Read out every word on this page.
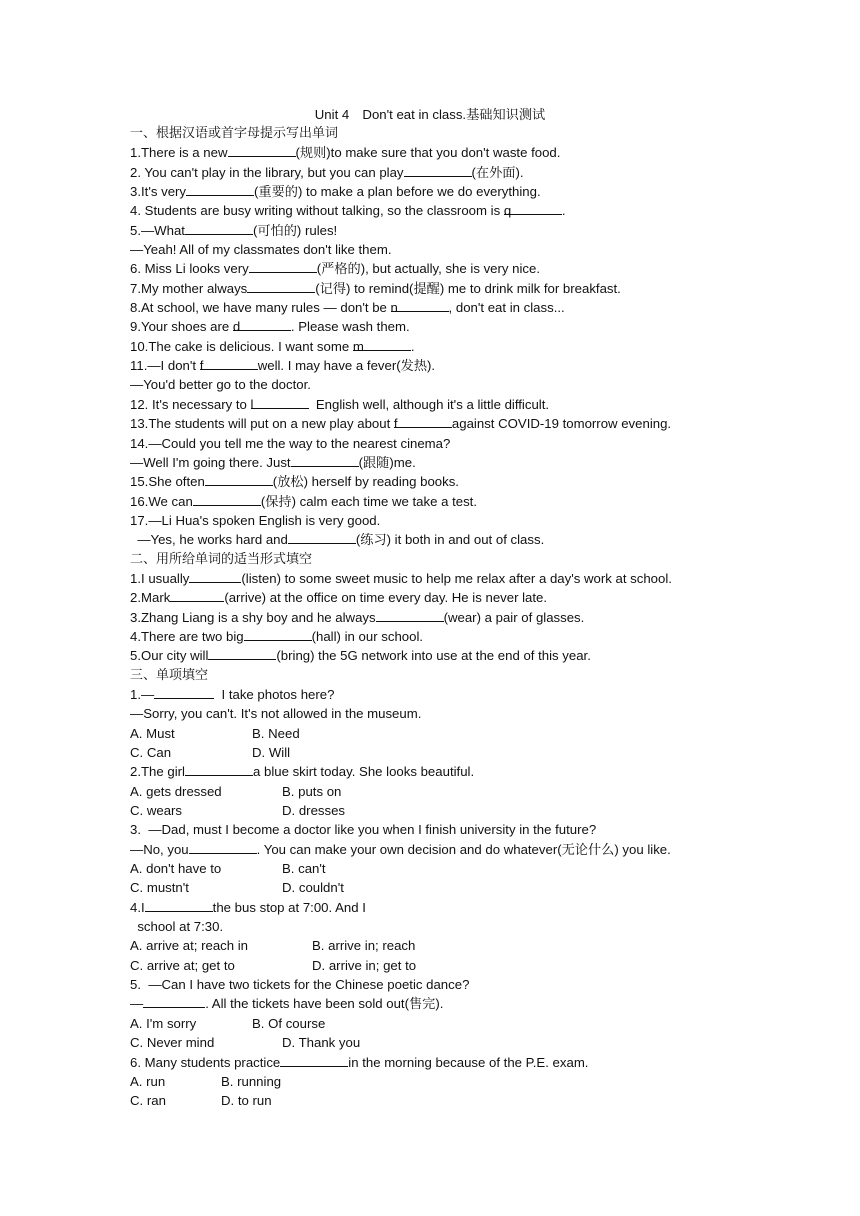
Unit 4　Don't eat in class.基础知识测试
一、根据汉语或首字母提示写出单词
1.There is a new	(规则)to make sure that you don't waste food.
2. You can't play in the library, but you can play	(在外面).
3.It's very	(重要的) to make a plan before we do everything.
4. Students are busy writing without talking, so the classroom is q	.
5.—What	(可怕的) rules!
—Yeah! All of my classmates don't like them.
6. Miss Li looks very	(严格的), but actually, she is very nice.
7.My mother always	(记得) to remind(提醒) me to drink milk for breakfast.
8.At school, we have many rules — don't be n	, don't eat in class...
9.Your shoes are d	. Please wash them.
10.The cake is delicious. I want some m	.
11.—I don't f	well. I may have a fever(发热).
—You'd better go to the doctor.
12. It's necessary to l	English well, although it's a little difficult.
13.The students will put on a new play about f	against COVID-19 tomorrow evening.
14.—Could you tell me the way to the nearest cinema?
—Well I'm going there. Just	(跟随)me.
15.She often	(放松) herself by reading books.
16.We can	(保持) calm each time we take a test.
17.—Li Hua's spoken English is very good.
—Yes, he works hard and	(练习) it both in and out of class.
二、用所给单词的适当形式填空
1.I usually	(listen) to some sweet music to help me relax after a day's work at school.
2.Mark	(arrive) at the office on time every day. He is never late.
3.Zhang Liang is a shy boy and he always	(wear) a pair of glasses.
4.There are two big	(hall) in our school.
5.Our city will	(bring) the 5G network into use at the end of this year.
三、单项填空
1.—	I take photos here?
—Sorry, you can't. It's not allowed in the museum.
A. Must	B. Need
C. Can	D. Will
2.The girl	a blue skirt today. She looks beautiful.
A. gets dressed	B. puts on
C. wears	D. dresses
3.  —Dad, must I become a doctor like you when I finish university in the future?
—No, you	. You can make your own decision and do whatever(无论什么) you like.
A. don't have to	B. can't
C. mustn't	D. couldn't
4.I	the bus stop at 7:00. And I
school at 7:30.
A. arrive at; reach in	B. arrive in; reach
C. arrive at; get to	D. arrive in; get to
5.  —Can I have two tickets for the Chinese poetic dance?
—	. All the tickets have been sold out(售完).
A. I'm sorry	B. Of course
C. Never mind	D. Thank you
6. Many students practice	in the morning because of the P.E. exam.
A. run	B. running
C. ran	D. to run
